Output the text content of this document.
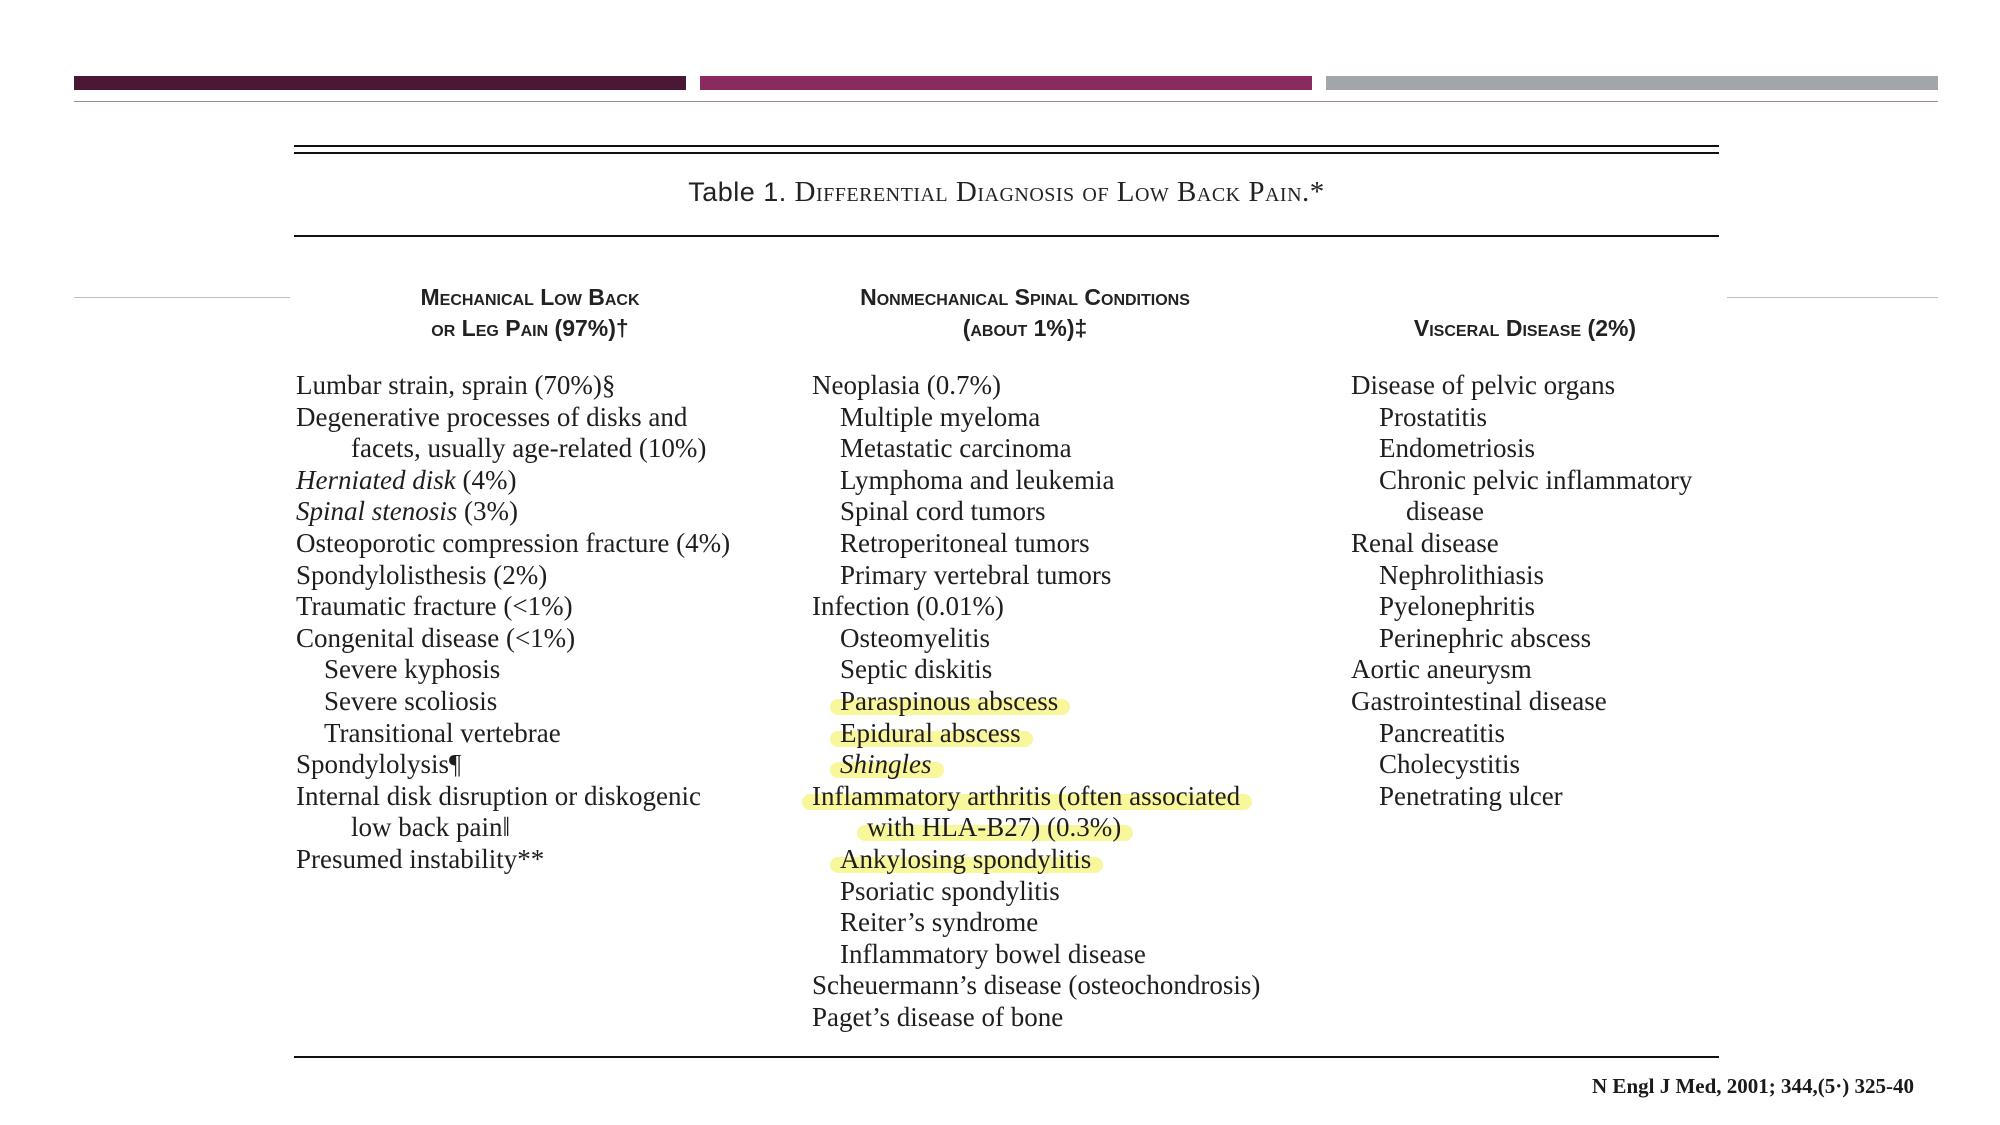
Table 1. Differential Diagnosis of Low Back Pain.*
Mechanical Low Back
or Leg Pain (97%)†
Nonmechanical Spinal Conditions
(about 1%)‡	Visceral Disease (2%)
Lumbar strain, sprain (70%)§
Degenerative processes of disks and
facets, usually age-related (10%)
Herniated disk (4%)
Spinal stenosis (3%)
Osteoporotic compression fracture (4%)
Spondylolisthesis (2%)
Traumatic fracture (<1%)
Congenital disease (<1%)
Severe kyphosis
Severe scoliosis
Transitional vertebrae
Spondylolysis¶
Internal disk disruption or diskogenic
low back pain‖
Presumed instability**
Neoplasia (0.7%)
Multiple myeloma
Metastatic carcinoma
Lymphoma and leukemia
Spinal cord tumors
Retroperitoneal tumors
Primary vertebral tumors
Infection (0.01%)
Osteomyelitis
Septic diskitis
Paraspinous abscess
Epidural abscess
Shingles
Inflammatory arthritis (often associated
with HLA-B27) (0.3%)
Ankylosing spondylitis
Psoriatic spondylitis
Reiter’s syndrome
Inflammatory bowel disease
Scheuermann’s disease (osteochondrosis)
Paget’s disease of bone
Disease of pelvic organs
Prostatitis
Endometriosis
Chronic pelvic inflammatory
disease
Renal disease
Nephrolithiasis
Pyelonephritis
Perinephric abscess
Aortic aneurysm
Gastrointestinal disease
Pancreatitis
Cholecystitis
Penetrating ulcer
N Engl J Med, 2001; 344,(5·) 325-40
